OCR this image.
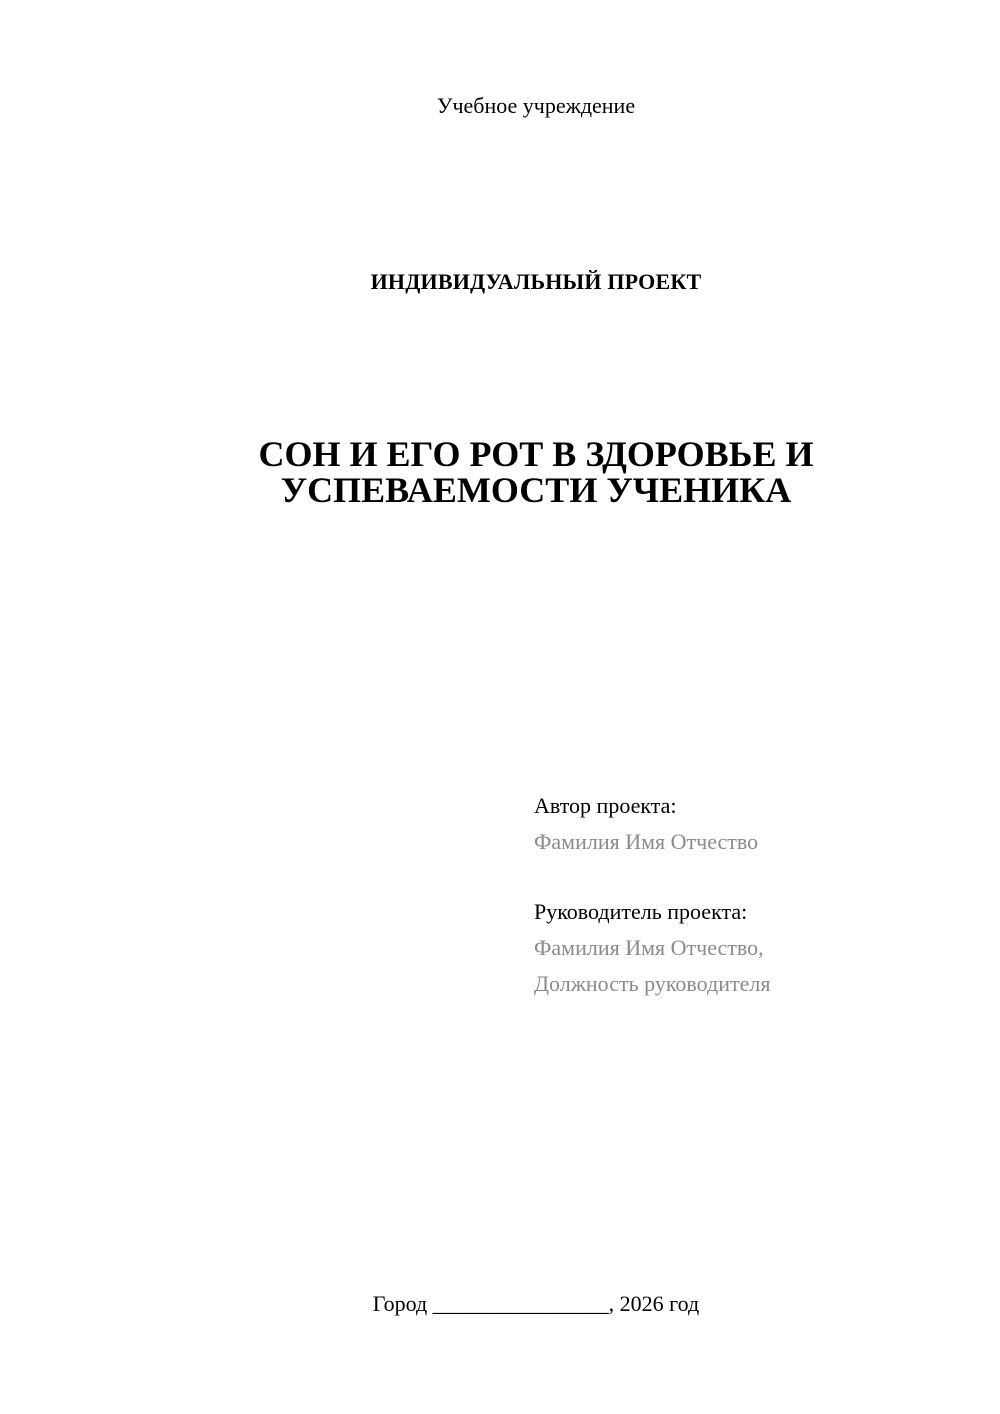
Учебное учреждение
ИНДИВИДУАЛЬНЫЙ ПРОЕКТ
СОН И ЕГО РОТ В ЗДОРОВЬЕ И
УСПЕВАЕМОСТИ УЧЕНИКА
Автор проекта:
Фамилия Имя Отчество
Руководитель проекта:
Фамилия Имя Отчество,
Должность руководителя
Город ________________, 2026 год
